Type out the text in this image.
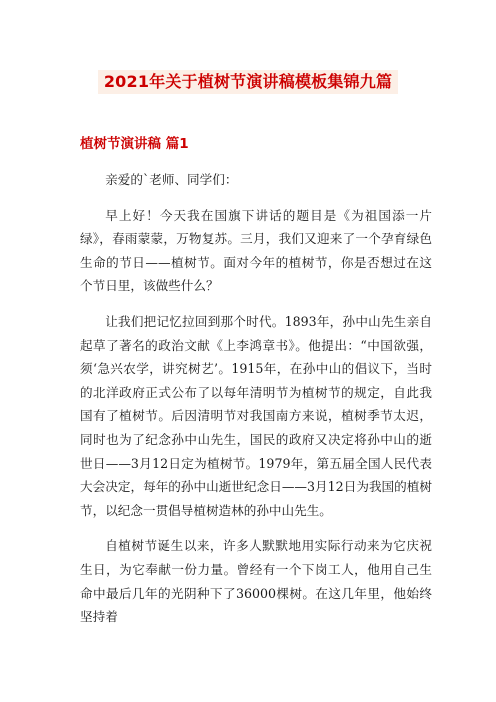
2021年关于植树节演讲稿模板集锦九篇
植树节演讲稿 篇1

亲爱的`老师、同学们：

早上好！今天我在国旗下讲话的题目是《为祖国添一片绿》，春雨蒙蒙，万物复苏。三月，我们又迎来了一个孕育绿色生命的节日——植树节。面对今年的植树节，你是否想过在这个节日里，该做些什么？

让我们把记忆拉回到那个时代。1893年，孙中山先生亲自起草了著名的政治文献《上李鸿章书》。他提出：“中国欲强，须‘急兴农学，讲究树艺’。1915年，在孙中山的倡议下，当时的北洋政府正式公布了以每年清明节为植树节的规定，自此我国有了植树节。后因清明节对我国南方来说，植树季节太迟，同时也为了纪念孙中山先生，国民的政府又决定将孙中山的逝世日——3月12日定为植树节。1979年，第五届全国人民代表大会决定，每年的孙中山逝世纪念日——3月12日为我国的植树节，以纪念一贯倡导植树造林的孙中山先生。

自植树节诞生以来，许多人默默地用实际行动来为它庆祝生日，为它奉献一份力量。曾经有一个下岗工人，他用自己生命中最后几年的光阴种下了36000棵树。在这几年里，他始终坚持着
